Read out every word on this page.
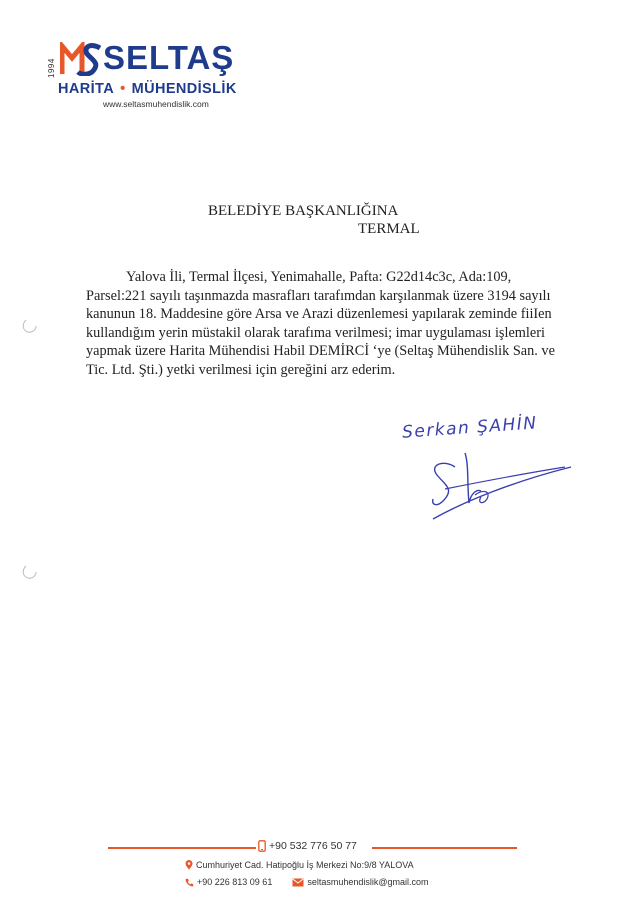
1994 SELTAŞ
HARİTA • MÜHENDİSLİK
www.seltasmuhendislik.com
BELEDİYE BAŞKANLIĞINA
TERMAL
Yalova İli, Termal İlçesi, Yenimahalle, Pafta: G22d14c3c, Ada:109,
Parsel:221 sayılı taşınmazda masrafları tarafımdan karşılanmak üzere 3194 sayılı
kanunun 18. Maddesine göre Arsa ve Arazi düzenlemesi yapılarak zeminde fiiIen
kullandığım yerin müstakil olarak tarafıma verilmesi; imar uygulaması işlemleri
yapmak üzere Harita Mühendisi Habil DEMİRCİ ‘ye (Seltaş Mühendislik San. ve
Tic. Ltd. Şti.) yetki verilmesi için gereğini arz ederim.
Serkan ŞAHİN
+90 532 776 50 77
Cumhuriyet Cad. Hatipoğlu İş Merkezi No:9/8 YALOVA
+90 226 813 09 61	seltasmuhendislik@gmail.com
